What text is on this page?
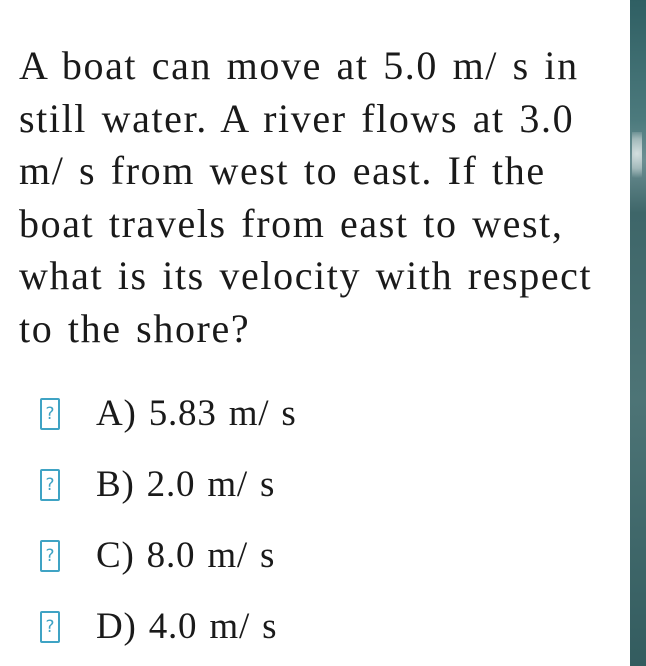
A boat can move at 5.0 m/ s in
still water. A river flows at 3.0
m/ s from west to east. If the
boat travels from east to west,
what is its velocity with respect
to the shore?

? A) 5.83 m/ s
? B) 2.0 m/ s
? C) 8.0 m/ s
? D) 4.0 m/ s
